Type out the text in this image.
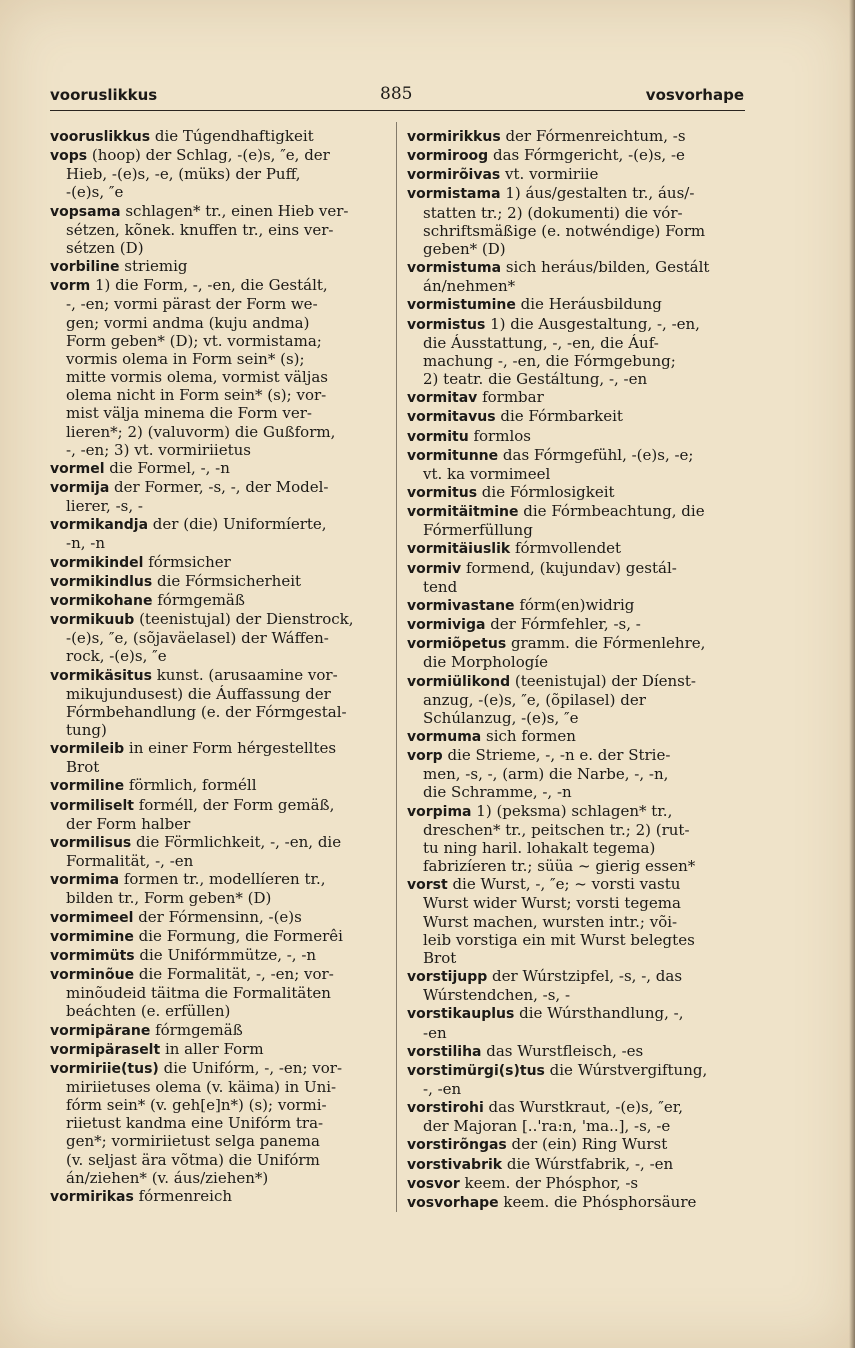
vooruslikkus	885	vosvorhape
vooruslikkus die Túgendhaftigkeit
vops (hoop) der Schlag, -(e)s, ″e, der
Hieb, -(e)s, -e, (müks) der Puff,
-(e)s, ″e
vopsama schlagen* tr., einen Hieb ver-
sétzen, kõnek. knuffen tr., eins ver-
sétzen (D)
vorbiline striemig
vorm 1) die Form, -, -en, die Gestált,
-, -en; vormi pärast der Form we-
gen; vormi andma (kuju andma)
Form geben* (D); vt. vormistama;
vormis olema in Form sein* (s);
mitte vormis olema, vormist väljas
olema nicht in Form sein* (s); vor-
mist välja minema die Form ver-
lieren*; 2) (valuvorm) die Gußform,
-, -en; 3) vt. vormiriietus
vormel die Formel, -, -n
vormija der Former, -s, -, der Model-
lierer, -s, -
vormikandja der (die) Uniformíerte,
-n, -n
vormikindel fórmsicher
vormikindlus die Fórmsicherheit
vormikohane fórmgemäß
vormikuub (teenistujal) der Dienstrock,
-(e)s, ″e, (sõjaväelasel) der Wáffen-
rock, -(e)s, ″e
vormikäsitus kunst. (arusaamine vor-
mikujundusest) die Áuffassung der
Fórmbehandlung (e. der Fórmgestal-
tung)
vormileib in einer Form hérgestelltes
Brot
vormiline förmlich, forméll
vormiliselt forméll, der Form gemäß,
der Form halber
vormilisus die Förmlichkeit, -, -en, die
Formalität, -, -en
vormima formen tr., modellíeren tr.,
bilden tr., Form geben* (D)
vormimeel der Fórmensinn, -(e)s
vormimine die Formung, die Formerêi
vormimüts die Unifórmmütze, -, -n
vorminõue die Formalität, -, -en; vor-
minõudeid täitma die Formalitäten
beáchten (e. erfüllen)
vormipärane fórmgemäß
vormipäraselt in aller Form
vormiriie(tus) die Unifórm, -, -en; vor-
miriietuses olema (v. käima) in Uni-
fórm sein* (v. geh[e]n*) (s); vormi-
riietust kandma eine Unifórm tra-
gen*; vormiriietust selga panema
(v. seljast ära võtma) die Unifórm
án/ziehen* (v. áus/ziehen*)
vormirikas fórmenreich
vormirikkus der Fórmenreichtum, -s
vormiroog das Fórmgericht, -(e)s, -e
vormirõivas vt. vormiriie
vormistama 1) áus/gestalten tr., áus/-
statten tr.; 2) (dokumenti) die vór-
schriftsmäßige (e. notwéndige) Form
geben* (D)
vormistuma sich heráus/bilden, Gestált
án/nehmen*
vormistumine die Heráusbildung
vormistus 1) die Ausgestaltung, -, -en,
die Áusstattung, -, -en, die Áuf-
machung -, -en, die Fórmgebung;
2) teatr. die Gestáltung, -, -en
vormitav formbar
vormitavus die Fórmbarkeit
vormitu formlos
vormitunne das Fórmgefühl, -(e)s, -e;
vt. ka vormimeel
vormitus die Fórmlosigkeit
vormitäitmine die Fórmbeachtung, die
Fórmerfüllung
vormitäiuslik fórmvollendet
vormiv formend, (kujundav) gestál-
tend
vormivastane fórm(en)widrig
vormiviga der Fórmfehler, -s, -
vormiõpetus gramm. die Fórmenlehre,
die Morphologíe
vormiülikond (teenistujal) der Díenst-
anzug, -(e)s, ″e, (õpilasel) der
Schúlanzug, -(e)s, ″e
vormuma sich formen
vorp die Strieme, -, -n e. der Strie-
men, -s, -, (arm) die Narbe, -, -n,
die Schramme, -, -n
vorpima 1) (peksma) schlagen* tr.,
dreschen* tr., peitschen tr.; 2) (rut-
tu ning haril. lohakalt tegema)
fabrizíeren tr.; süüa ~ gierig essen*
vorst die Wurst, -, ″e; ~ vorsti vastu
Wurst wider Wurst; vorsti tegema
Wurst machen, wursten intr.; või-
leib vorstiga ein mit Wurst belegtes
Brot
vorstijupp der Wúrstzipfel, -s, -, das
Wúrstendchen, -s, -
vorstikauplus die Wúrsthandlung, -,
-en
vorstiliha das Wurstfleisch, -es
vorstimürgi(s)tus die Wúrstvergiftung,
-, -en
vorstirohi das Wurstkraut, -(e)s, ″er,
der Majoran [..'ra:n, 'ma..], -s, -e
vorstirõngas der (ein) Ring Wurst
vorstivabrik die Wúrstfabrik, -, -en
vosvor keem. der Phósphor, -s
vosvorhape keem. die Phósphorsäure
